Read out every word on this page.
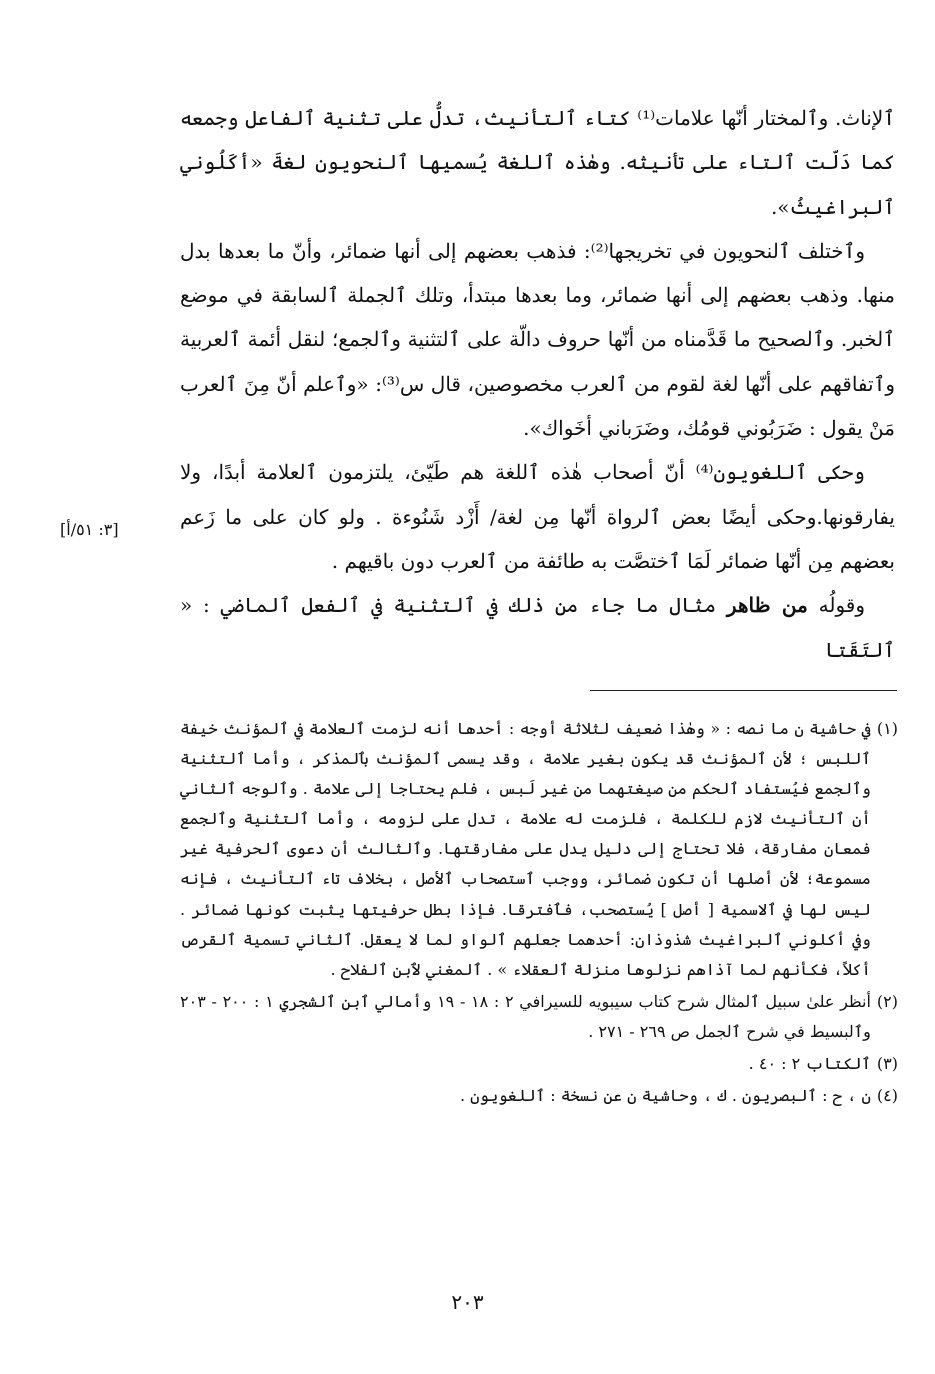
ٱلإناث. وٱلمختار أنّها علامات⁽¹⁾ كتاء ٱلتأنيث، تدلُّ على تثنية ٱلفاعل وجمعه كما دَلّت ٱلتاء على تأنيثه. وهٰذه ٱللغة يُسميها ٱلنحويون لغةَ «أكَلُوني ٱلبراغيثُ».

وٱختلف ٱلنحويون في تخريجها⁽²⁾: فذهب بعضهم إلى أنها ضمائر، وأنّ ما بعدها بدل منها. وذهب بعضهم إلى أنها ضمائر، وما بعدها مبتدأ، وتلك ٱلجملة ٱلسابقة في موضع ٱلخبر. وٱلصحيح ما قَدَّمناه من أنّها حروف دالّة على ٱلتثنية وٱلجمع؛ لنقل أئمة ٱلعربية وٱتفاقهم على أنّها لغة لقوم من ٱلعرب مخصوصين، قال س⁽³⁾: «وٱعلم أنّ مِنَ ٱلعرب مَنْ يقول : ضَرَبُوني قومُك، وضَرَباني أخَواك».

وحكى ٱللغويون⁽⁴⁾ أنّ أصحاب هٰذه ٱللغة هم طَيّئ، يلتزمون ٱلعلامة أبدًا، ولا يفارقونها.وحكى أيضًا بعض ٱلرواة أنّها مِن لغة/ أَزْد شَنُوءة . ولو كان على ما زَعم بعضهم مِن أنّها ضمائر لَمَا ٱختصَّت به طائفة من ٱلعرب دون باقيهم .

وقولُه من ظاهر مثال ما جاء من ذٰلك في ٱلتثنية في ٱلفعل ٱلماضي : « ٱلتَقَتا

[٣: ٥١/أ]
(١)
في حاشية ن ما نصه : « وهٰذا ضعيف لثلاثة أوجه : أحدها أنه لزمت ٱلعلامة في ٱلمؤنث خيفة ٱللبس ؛ لأن ٱلمؤنث قد يكون بغير علامة ، وقد يسمى ٱلمؤنث بٱلمذكر ، وأما ٱلتثنية وٱلجمع فيُستفاد ٱلحكم من صيغتهما من غير لَبس ، فلم يحتاجا إلى علامة . وٱلوجه ٱلثاني أن ٱلتأنيث لازم للكلمة ، فلزمت له علامة ، تدل على لزومه ، وأما ٱلتثنية وٱلجمع فمعان مفارقة، فلا تحتاج إلى دليل يدل على مفارقتها. وٱلثالث أن دعوى ٱلحرفية غير مسموعة؛ لأن أصلها أن تكون ضمائر، ووجب ٱستصحاب ٱلأصل ، بخلاف تاء ٱلتأنيث ، فإنه ليس لها في ٱلاسمية [ أصل ] يُستصحب، فٱفترقا. فإذا بطل حرفيتها يثبت كونها ضمائر . وفي أكلوني ٱلبراغيث شذوذان: أحدهما جعلهم ٱلواو لما لا يعقل. ٱلثاني تسمية ٱلقرص أكلاً، فكأنهم لما آذاهم نزلوها منزلة ٱلعقلاء » . ٱلمغني لٱبن ٱلفلاح .
(٢)
أنظر علىٰ سبيل ٱلمثال شرح كتاب سيبويه للسيرافي ٢ : ١٨ - ١٩ وأمالي ٱبن ٱلشجري ١ : ٢٠٠ - ٢٠٣ وٱلبسيط في شرح ٱلجمل ص ٢٦٩ - ٢٧١ .
(٣)
ٱلكتاب ٢ : ٤٠ .
(٤)
ن ، ح : ٱلبصريون . ك ، وحاشية ن عن نسخة : ٱللغويون .
٢٠٣
